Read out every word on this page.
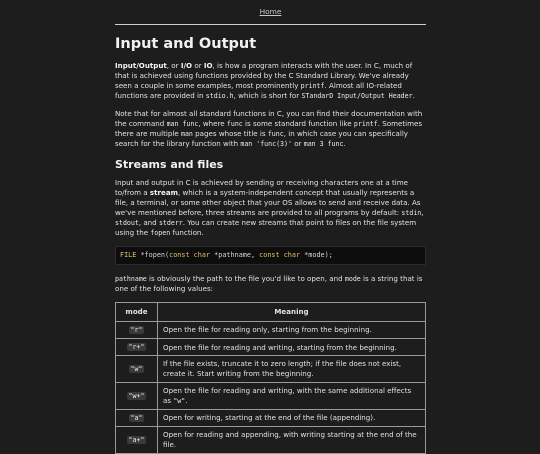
Home
Input and Output

Input/Output, or I/O or IO, is how a program interacts with the user. In C, much of that is achieved using functions provided by the C Standard Library. We've already seen a couple in some examples, most prominently printf. Almost all IO-related functions are provided in stdio.h, which is short for STandarD Input/Output Header.

Note that for almost all standard functions in C, you can find their documentation with the command man func, where func is some standard function like printf. Sometimes there are multiple man pages whose title is func, in which case you can specifically search for the library function with man 'func(3)' or man 3 func.

Streams and files

Input and output in C is achieved by sending or receiving characters one at a time to/from a stream, which is a system-independent concept that usually represents a file, a terminal, or some other object that your OS allows to send and receive data. As we've mentioned before, three streams are provided to all programs by default: stdin, stdout, and stderr. You can create new streams that point to files on the file system using the fopen function.

FILE *fopen(const char *pathname, const char *mode);

pathname is obviously the path to the file you'd like to open, and mode is a string that is one of the following values:

mode	Meaning
"r"	Open the file for reading only, starting from the beginning.
"r+"	Open the file for reading and writing, starting from the beginning.
"w"	If the file exists, truncate it to zero length; if the file does not exist, create it. Start writing from the beginning.
"w+"	Open the file for reading and writing, with the same additional effects as "w".
"a"	Open for writing, starting at the end of the file (appending).
"a+"	Open for reading and appending, with writing starting at the end of the file.
